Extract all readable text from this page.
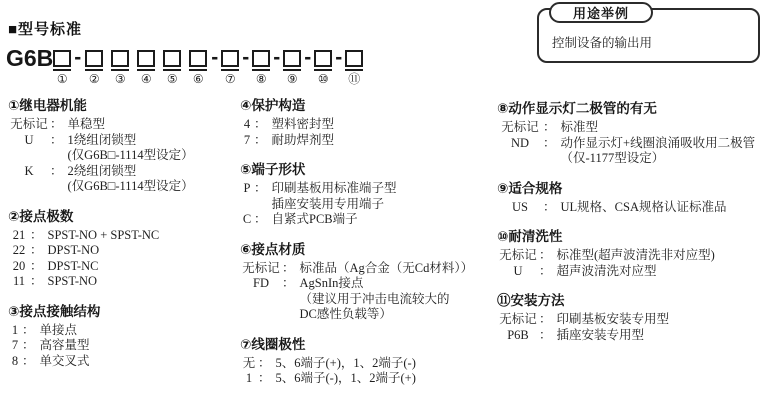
■型号标准
G6B
①
-
② ③ ④ ⑤ ⑥
-
⑦
-
⑧
-
⑨
-
⑩
-
⑪
用途举例
控制设备的输出用
①继电器机能
无标记 ： 单稳型
U	： 1绕组闭锁型
(仅G6B□-1114型设定）
K	： 2绕组闭锁型
(仅G6B□-1114型设定）
②接点极数
21 ： SPST-NO + SPST-NC
22 ： DPST-NO
20 ： DPST-NC
11 ： SPST-NO
③接点接触结构
1 ： 单接点
7 ： 高容量型
8 ： 单交叉式
④保护构造
4 ： 塑料密封型
7 ： 耐助焊剂型
⑤端子形状
P ： 印刷基板用标准端子型
插座安装用专用端子
C ： 自紧式PCB端子
⑥接点材质
无标记 ： 标准品（Ag合金（无Cd材料））
FD	： AgSnIn接点
（建议用于冲击电流较大的
DC感性负载等）
⑦线圈极性
无 ： 5、6端子(+)，1、2端子(-)
1 ： 5、6端子(-)，1、2端子(+)
⑧动作显示灯二极管的有无
无标记 ： 标准型
ND	： 动作显示灯+线圈浪涌吸收用二极管
（仅-1177型设定）
⑨适合规格
US	： UL规格、CSA规格认证标准品
⑩耐清洗性
无标记 ： 标准型(超声波清洗非对应型)
U	： 超声波清洗对应型
⑪安装方法
无标记 ： 印刷基板安装专用型
P6B ： 插座安装专用型
